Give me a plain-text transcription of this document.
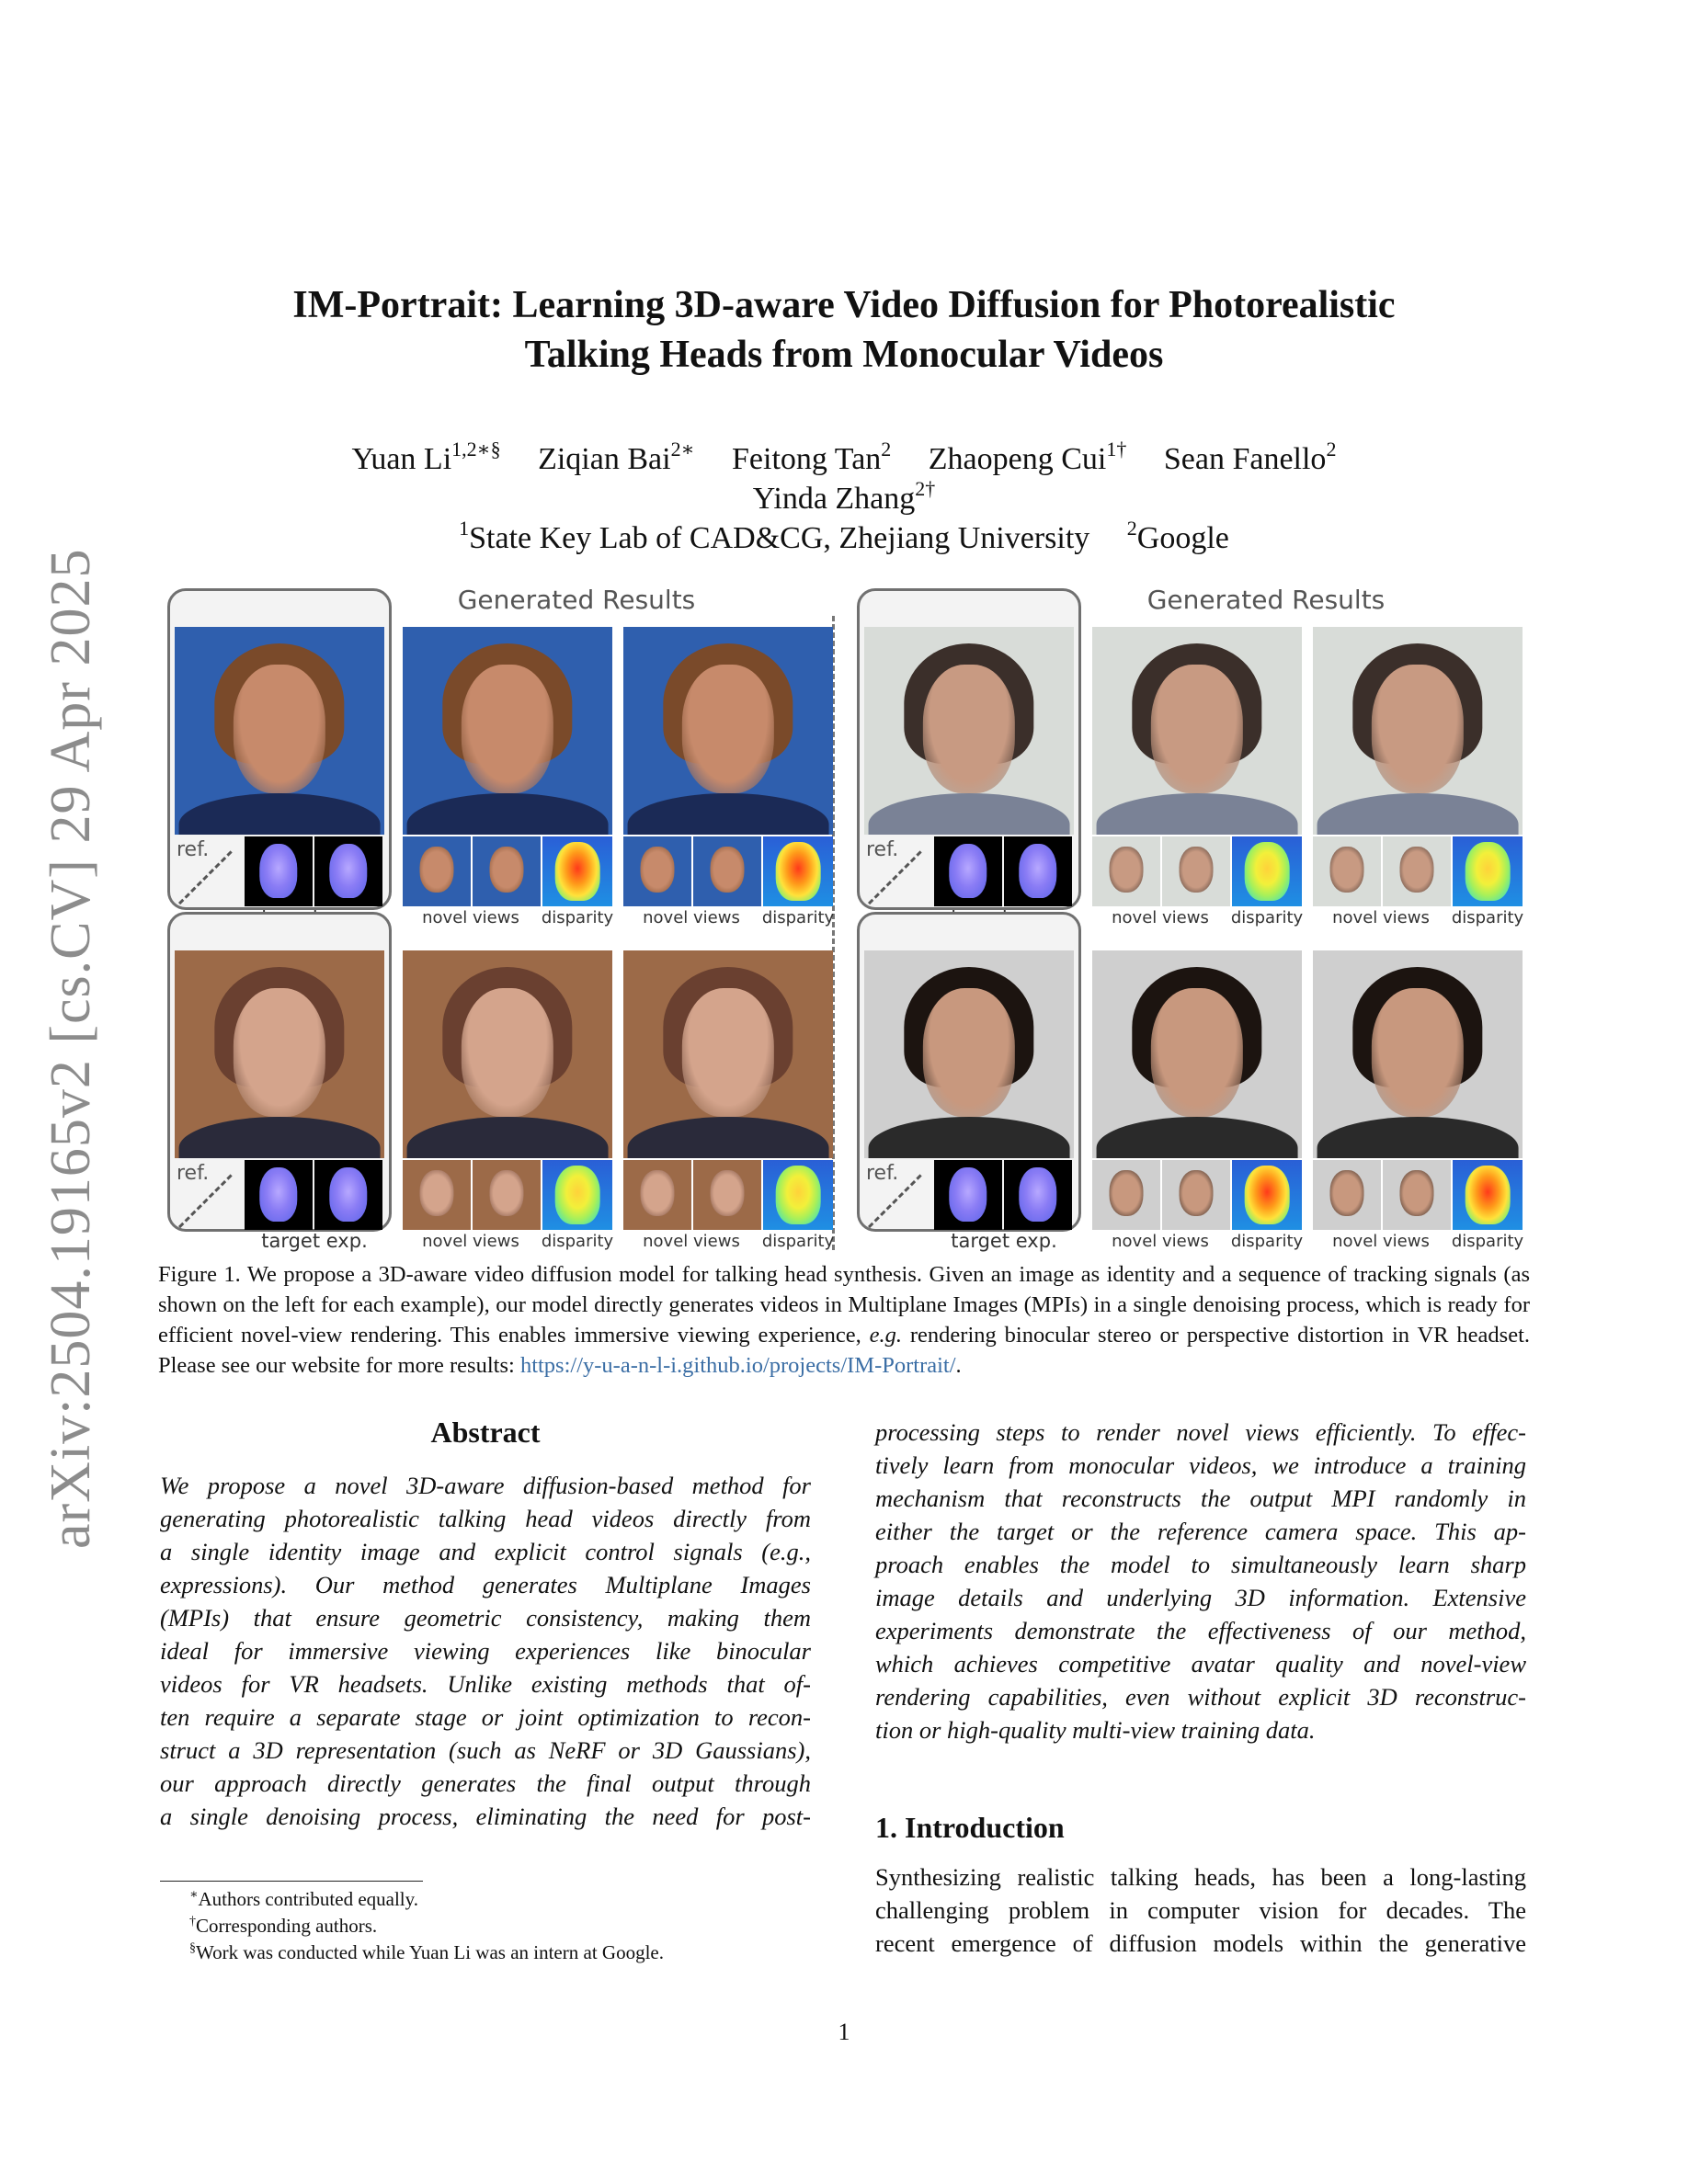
arXiv:2504.19165v2 [cs.CV] 29 Apr 2025
IM-Portrait: Learning 3D-aware Video Diffusion for Photorealistic
Talking Heads from Monocular Videos
Yuan $Li^{1,2∗\S}$ Ziqian Bai$^{2∗}$ Feitong Tan$^2$ Zhaopeng Cui$^{1\dagger}$ Sean Fanello$^2$
Yinda Zhang$^{2\dagger}$
$^1$State Key Lab of CAD&CG, Zhejiang University $^2$Google
Generated Results	Generated Results
ref.
novel views	disparity	novel views	disparity
ref.
novel views	disparity	novel views	disparity
ref.
target exp.	novel views	disparity	novel views	disparity
ref.
target exp.	novel views	disparity	novel views	disparity
Figure 1. We propose a 3D-aware video diffusion model for talking head synthesis. Given an image as identity and a sequence of tracking signals (as shown on the left for each example), our model directly generates videos in Multiplane Images (MPIs) in a single denoising process, which is ready for efficient novel-view rendering. This enables immersive viewing experience, e.g. rendering binocular stereo or perspective distortion in VR headset. Please see our website for more results: https://y-u-a-n-l-i.github.io/projects/IM-Portrait/.
Abstract
We propose a novel 3D-aware diffusion-based method for
generating photorealistic talking head videos directly from
a single identity image and explicit control signals (e.g.,
expressions). Our method generates Multiplane Images
(MPIs) that ensure geometric consistency, making them
ideal for immersive viewing experiences like binocular
videos for VR headsets. Unlike existing methods that of-
ten require a separate stage or joint optimization to recon-
struct a 3D representation (such as NeRF or 3D Gaussians),
our approach directly generates the final output through
a single denoising process, eliminating the need for post-
processing steps to render novel views efficiently. To effec-
tively learn from monocular videos, we introduce a training
mechanism that reconstructs the output MPI randomly in
either the target or the reference camera space. This ap-
proach enables the model to simultaneously learn sharp
image details and underlying 3D information. Extensive
experiments demonstrate the effectiveness of our method,
which achieves competitive avatar quality and novel-view
rendering capabilities, even without explicit 3D reconstruc-
tion or high-quality multi-view training data.
1. Introduction
Synthesizing realistic talking heads, has been a long-lasting
challenging problem in computer vision for decades. The
recent emergence of diffusion models within the generative
∗Authors contributed equally.
†Corresponding authors.
§Work was conducted while Yuan Li was an intern at Google.
1
